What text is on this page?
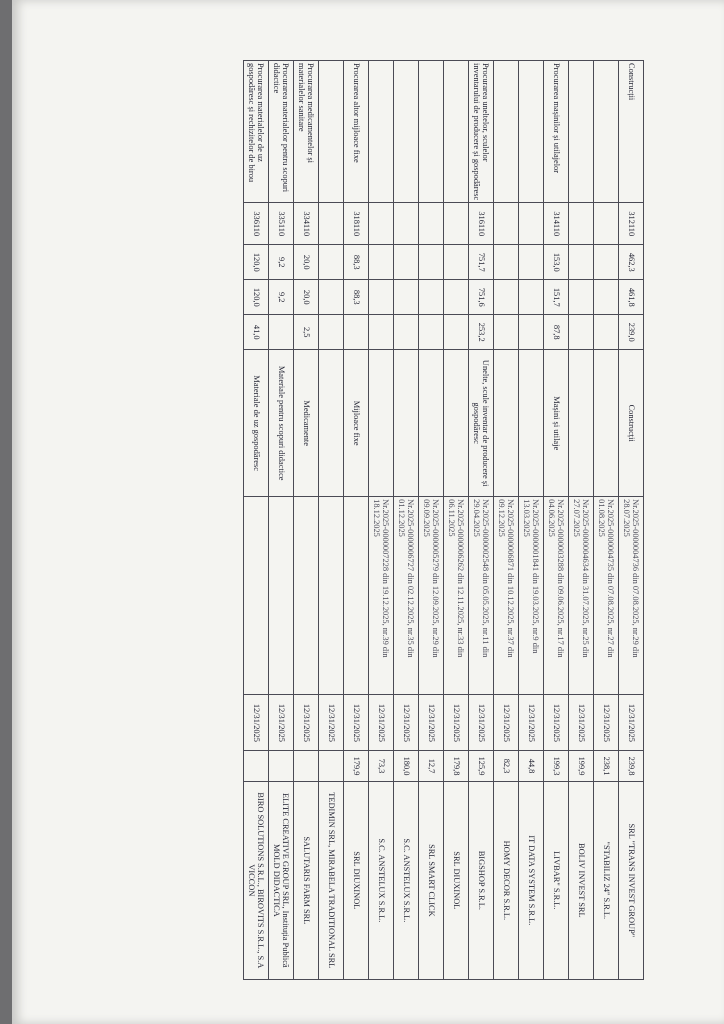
Construcții	312110	462,3	461,8	239,0	Construcții	Nr.2025-0000004736 din 07.08.2025, nr.29 din 28.07.2025	12/31/2025	239,8	SRL "TRANS INVEST GROUP"
						Nr.2025-0000004735 din 07.08.2025, nr.27 din 01.08.2025	12/31/2025	238,1	"STABILIZ 24" S.R.L.
						Nr.2025-0000004634 din 31.07.2025, nr.25 din 27.07.2025	12/31/2025	199,9	BOLIV INVEST SRL
Procurarea mașinilor și utilajelor	314110	153,0	151,7	87,8	Mașini și utilaje	Nr.2025-0000003288 din 09.06.2025, nr.17 din 04.06.2025	12/31/2025	199,3	LIVBAR" S.R.L.
						Nr.2025-0000001841 din 19.03.2025, nr.9 din 13.03.2025	12/31/2025	44,8	IT DATA SYSTEM S.R.L.
						Nr.2025-0000006871 din 10.12.2025, nr.37 din 09.12.2025	12/31/2025	82,3	HOMY DECOR S.R.L.
Procurarea uneltelor, sculelor inventarului de producere și gospodăresc	316110	751,7	751,6	253,2	Unelte, scule inventar de producere și gospodăresc	Nr.2025-0000002548 din 05.05.2025, nr.11 din 29.04.2025	12/31/2025	125,9	BIGSHOP S.R.L.
						Nr.2025-0000006262 din 12.11.2025, nr.33 din 06.11.2025	12/31/2025	179,8	SRL DIUXINOL
						Nr.2025-0000005279 din 12.09.2025, nr.29 din 09.09.2025	12/31/2025	12,7	SRL SMART CLICK
						Nr.2025-0000006727 din 02.12.2025, nr.35 din 01.12.2025	12/31/2025	180,0	S.C. ANSTELUX S.R.L.
						Nr.2025-0000007228 din 19.12.2025, nr.39 din 18.12.2025	12/31/2025	73,3	S.C. ANSTELUX S.R.L.
Procurarea altor mijloace fixe	318110	88,3	88,3		Mijloace fixe		12/31/2025	179,9	SRL DIUXINOL
							12/31/2025		TEDIMIN SRL, MIRABELA TRADITIONAL SRL
Procurarea medicamentelor și materialelor sanitare	334110	20,0	20,0	2,5	Medicamente		12/31/2025		SALUTARIS FARM SRL
Procurarea materialelor pentru scopuri didactice	335110	9,2	9,2		Materiale pentru scopuri didactice		12/31/2025		ELITE CREATIVE GROUP SRL, Instituția Publică MOLD DIDACTICA
Procurarea materialelor de uz gospodăresc și rechizitelor de birou	336110	120,0	120,0	41,0	Materiale de uz gospodăresc		12/31/2025		BIRO SOLUTIONS S.R.L., BIROVITS S.R.L., S.A VICCON
